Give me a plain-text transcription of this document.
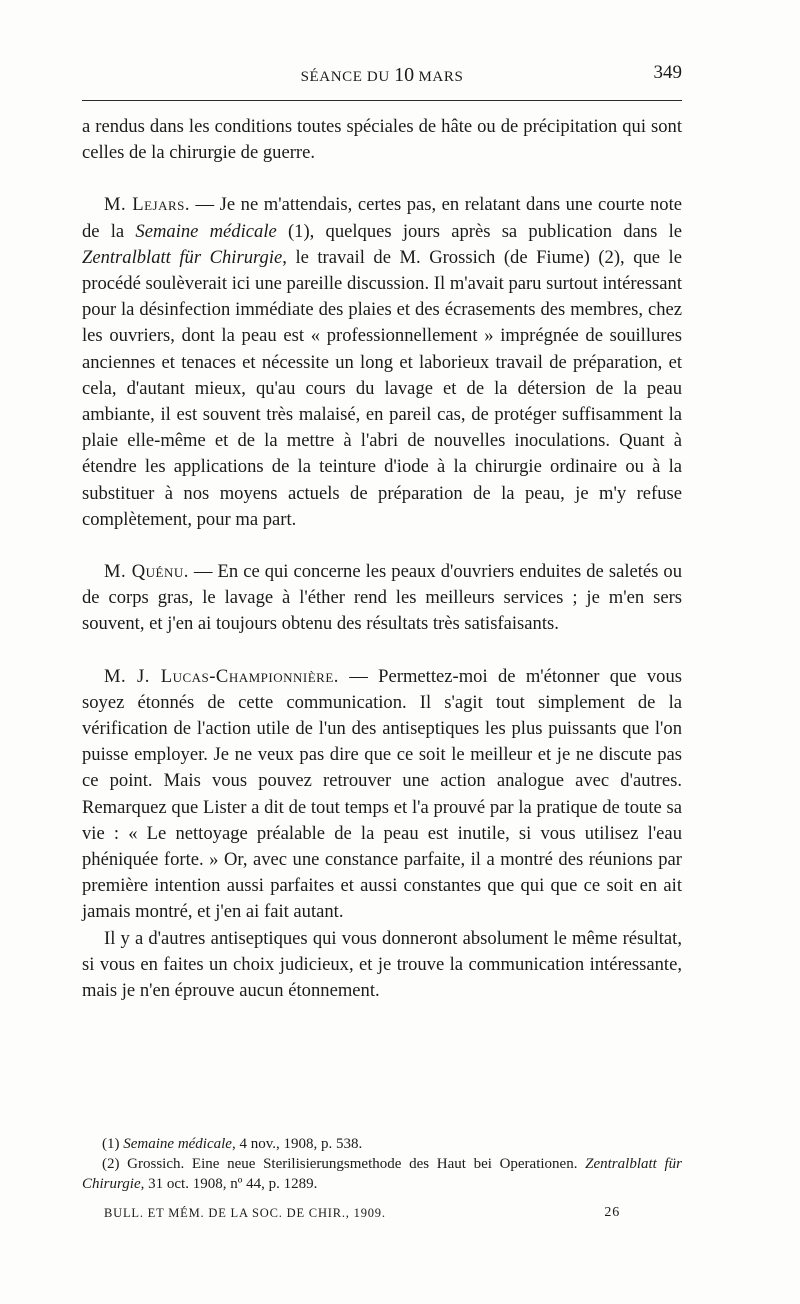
SÉANCE DU 10 MARS	349

a rendus dans les conditions toutes spéciales de hâte ou de précipitation qui sont celles de la chirurgie de guerre.

M. Lejars. — Je ne m'attendais, certes pas, en relatant dans une courte note de la Semaine médicale (1), quelques jours après sa publication dans le Zentralblatt für Chirurgie, le travail de M. Grossich (de Fiume) (2), que le procédé soulèverait ici une pareille discussion. Il m'avait paru surtout intéressant pour la désinfection immédiate des plaies et des écrasements des membres, chez les ouvriers, dont la peau est « professionnellement » imprégnée de souillures anciennes et tenaces et nécessite un long et laborieux travail de préparation, et cela, d'autant mieux, qu'au cours du lavage et de la détersion de la peau ambiante, il est souvent très malaisé, en pareil cas, de protéger suffisamment la plaie elle-même et de la mettre à l'abri de nouvelles inoculations. Quant à étendre les applications de la teinture d'iode à la chirurgie ordinaire ou à la substituer à nos moyens actuels de préparation de la peau, je m'y refuse complètement, pour ma part.

M. Quénu. — En ce qui concerne les peaux d'ouvriers enduites de saletés ou de corps gras, le lavage à l'éther rend les meilleurs services ; je m'en sers souvent, et j'en ai toujours obtenu des résultats très satisfaisants.

M. J. Lucas-Championnière. — Permettez-moi de m'étonner que vous soyez étonnés de cette communication. Il s'agit tout simplement de la vérification de l'action utile de l'un des antiseptiques les plus puissants que l'on puisse employer. Je ne veux pas dire que ce soit le meilleur et je ne discute pas ce point. Mais vous pouvez retrouver une action analogue avec d'autres. Remarquez que Lister a dit de tout temps et l'a prouvé par la pratique de toute sa vie : « Le nettoyage préalable de la peau est inutile, si vous utilisez l'eau phéniquée forte. » Or, avec une constance parfaite, il a montré des réunions par première intention aussi parfaites et aussi constantes que qui que ce soit en ait jamais montré, et j'en ai fait autant.

Il y a d'autres antiseptiques qui vous donneront absolument le même résultat, si vous en faites un choix judicieux, et je trouve la communication intéressante, mais je n'en éprouve aucun étonnement.

(1) Semaine médicale, 4 nov., 1908, p. 538.

(2) Grossich. Eine neue Sterilisierungsmethode des Haut bei Operationen. Zentralblatt für Chirurgie, 31 oct. 1908, nº 44, p. 1289.

BULL. ET MÉM. DE LA SOC. DE CHIR., 1909.	26
